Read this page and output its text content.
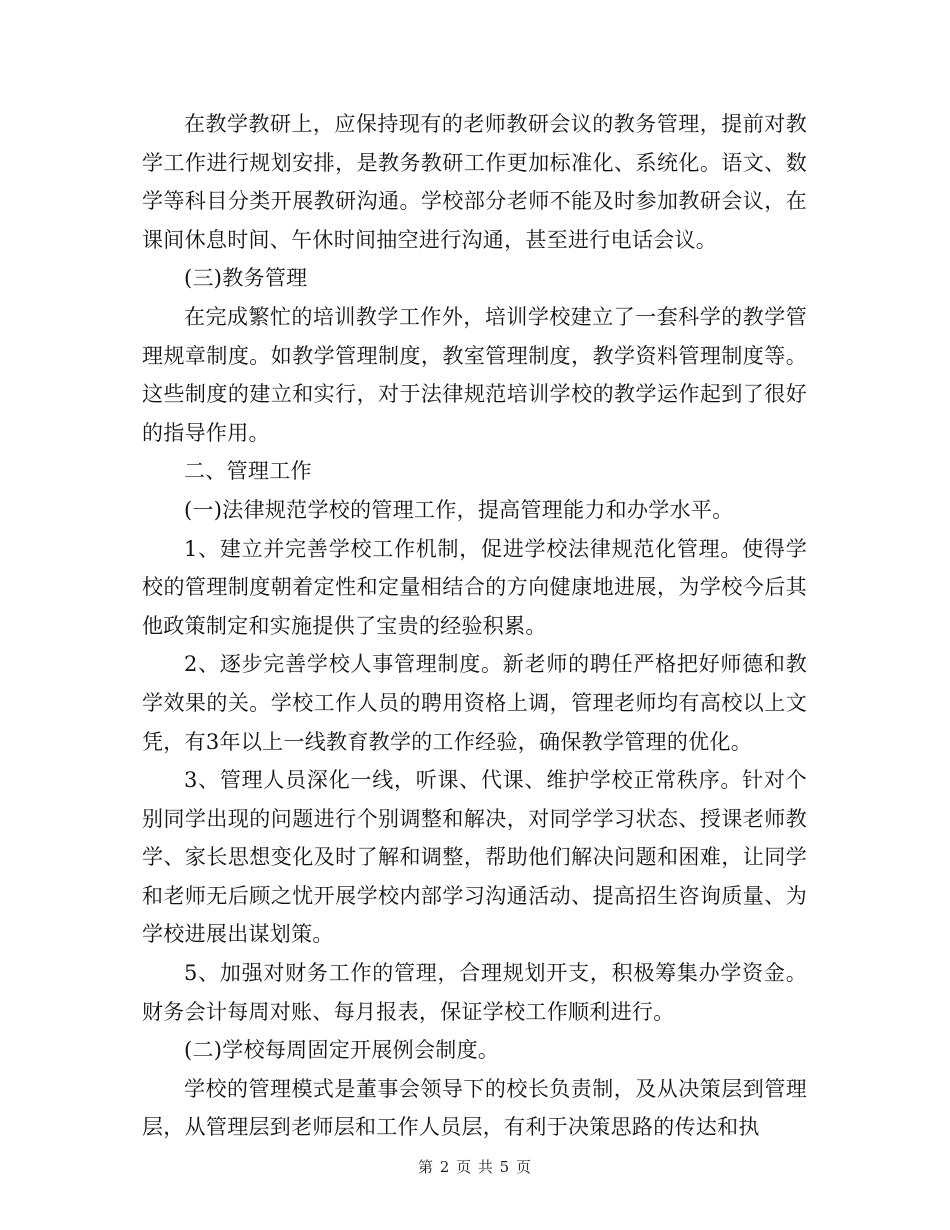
在教学教研上，应保持现有的老师教研会议的教务管理，提前对教学工作进行规划安排，是教务教研工作更加标准化、系统化。语文、数学等科目分类开展教研沟通。学校部分老师不能及时参加教研会议，在课间休息时间、午休时间抽空进行沟通，甚至进行电话会议。

(三)教务管理

在完成繁忙的培训教学工作外，培训学校建立了一套科学的教学管理规章制度。如教学管理制度，教室管理制度，教学资料管理制度等。这些制度的建立和实行，对于法律规范培训学校的教学运作起到了很好的指导作用。

二、管理工作

(一)法律规范学校的管理工作，提高管理能力和办学水平。

1、建立并完善学校工作机制，促进学校法律规范化管理。使得学校的管理制度朝着定性和定量相结合的方向健康地进展，为学校今后其他政策制定和实施提供了宝贵的经验积累。

2、逐步完善学校人事管理制度。新老师的聘任严格把好师德和教学效果的关。学校工作人员的聘用资格上调，管理老师均有高校以上文凭，有3年以上一线教育教学的工作经验，确保教学管理的优化。

3、管理人员深化一线，听课、代课、维护学校正常秩序。针对个别同学出现的问题进行个别调整和解决，对同学学习状态、授课老师教学、家长思想变化及时了解和调整，帮助他们解决问题和困难，让同学和老师无后顾之忧开展学校内部学习沟通活动、提高招生咨询质量、为学校进展出谋划策。

5、加强对财务工作的管理，合理规划开支，积极筹集办学资金。财务会计每周对账、每月报表，保证学校工作顺利进行。

(二)学校每周固定开展例会制度。

学校的管理模式是董事会领导下的校长负责制，及从决策层到管理层，从管理层到老师层和工作人员层，有利于决策思路的传达和执

第 2 页 共 5 页
